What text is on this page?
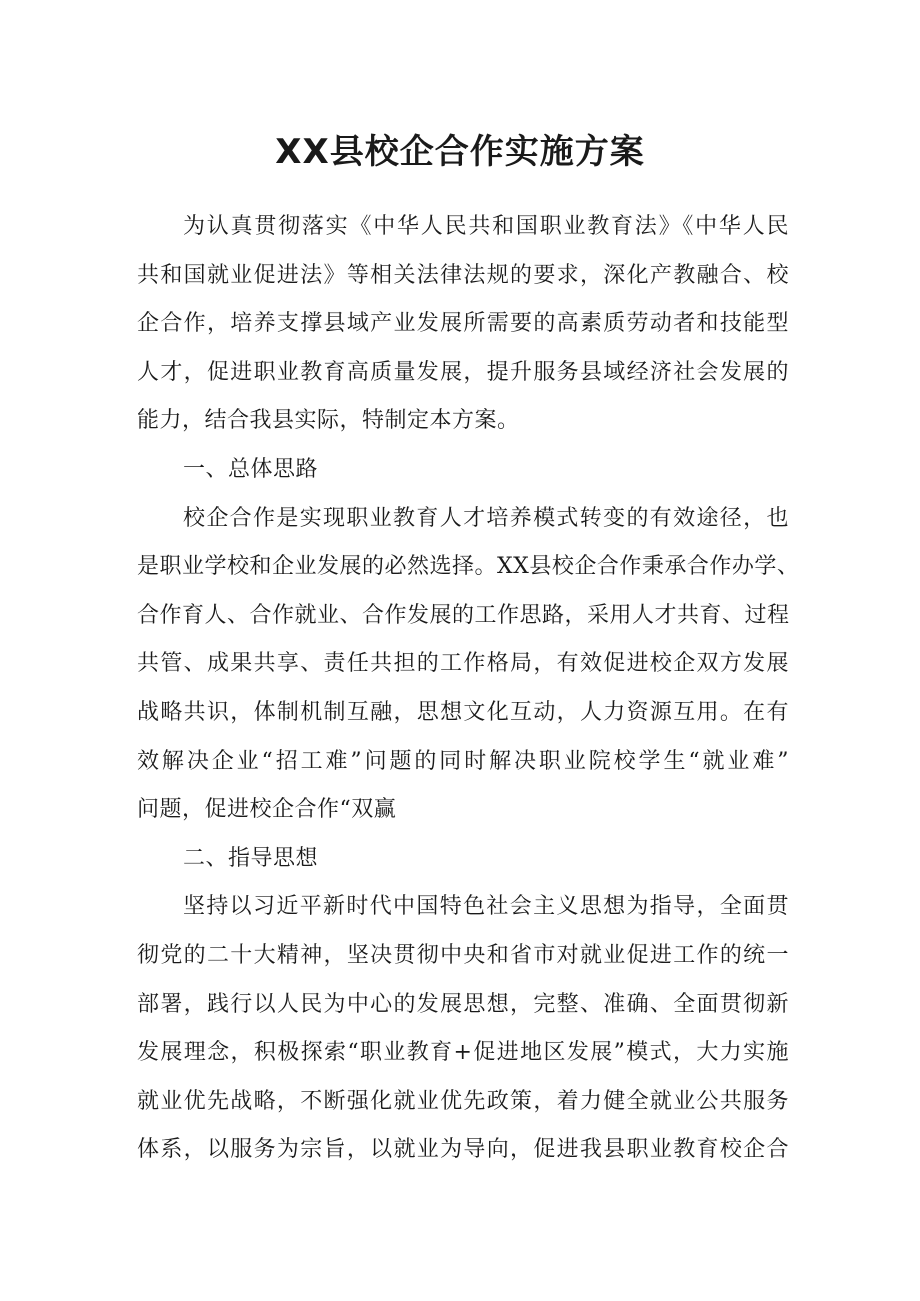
XX县校企合作实施方案
为认真贯彻落实《中华人民共和国职业教育法》《中华人民
共和国就业促进法》等相关法律法规的要求，深化产教融合、校
企合作，培养支撑县域产业发展所需要的高素质劳动者和技能型
人才，促进职业教育高质量发展，提升服务县域经济社会发展的
能力，结合我县实际，特制定本方案。
一、总体思路
校企合作是实现职业教育人才培养模式转变的有效途径，也
是职业学校和企业发展的必然选择。XX县校企合作秉承合作办学、
合作育人、合作就业、合作发展的工作思路，采用人才共育、过程
共管、成果共享、责任共担的工作格局，有效促进校企双方发展
战略共识，体制机制互融，思想文化互动，人力资源互用。在有
效解决企业“招工难”问题的同时解决职业院校学生“就业难”
问题，促进校企合作“双赢
二、指导思想
坚持以习近平新时代中国特色社会主义思想为指导，全面贯
彻党的二十大精神，坚决贯彻中央和省市对就业促进工作的统一
部署，践行以人民为中心的发展思想，完整、准确、全面贯彻新
发展理念，积极探索“职业教育+促进地区发展”模式，大力实施
就业优先战略，不断强化就业优先政策，着力健全就业公共服务
体系，以服务为宗旨，以就业为导向，促进我县职业教育校企合
